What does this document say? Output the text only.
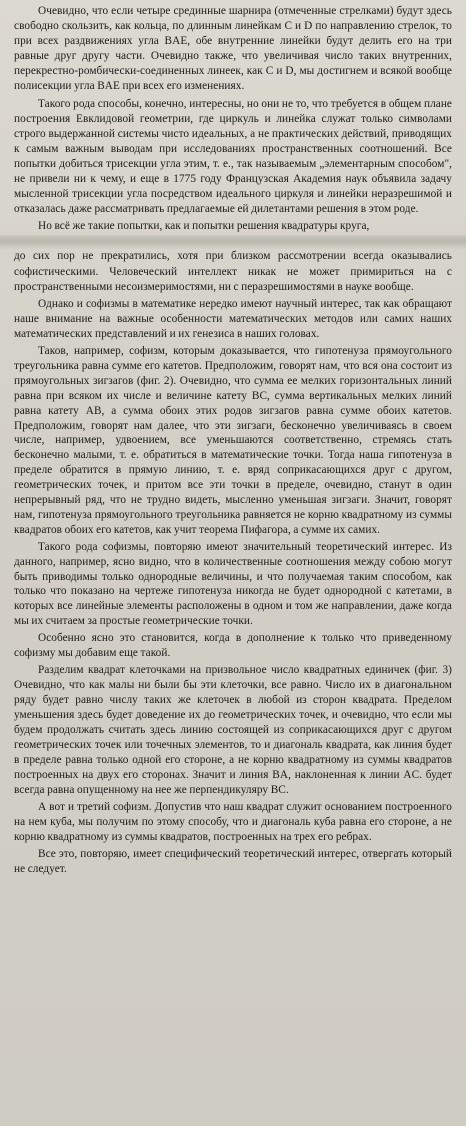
Очевидно, что если четыре срединные шарнира (отмеченные стрелками) будут здесь свободно скользить, как кольца, по длинным линейкам C и D по направлению стрелок, то при всех раздвижениях угла BAE, обе внутренние линейки будут делить его на три равные друг другу части. Очевидно также, что увеличивая число таких внутренних, перекрестно-ромбически-соединенных линеек, как C и D, мы достигнем и всякой вообще полисекции угла BAE при всех его изменениях.

Такого рода способы, конечно, интересны, но они не то, что требуется в общем плане построения Евклидовой геометрии, где циркуль и линейка служат только символами строго выдержанной системы чисто идеальных, а не практических действий, приводящих к самым важным выводам при исследованиях пространственных соотношений. Все попытки добиться трисекции угла этим, т. е., так называемым „элементарным способом", не привели ни к чему, и еще в 1775 году Французская Академия наук объявила задачу мысленной трисекции угла посредством идеального циркуля и линейки неразрешимой и отказалась даже рассматривать предлагаемые ей дилетантами решения в этом роде.

Но всё же такие попытки, как и попытки решения квадратуры круга,

до сих пор не прекратились, хотя при близком рассмотрении всегда оказывались софистическими. Человеческий интеллект никак не может примириться на с пространственными несоизмеримостями, ни с перазрешимостями в науке вообще.

Однако и софизмы в математике нередко имеют научный интерес, так как обращают наше внимание на важные особенности математических методов или самих наших математических представлений и их генезиса в наших головах.

Таков, например, софизм, которым доказывается, что гипотенуза прямоугольного треугольника равна сумме его катетов. Предположим, говорят нам, что вся она состоит из прямоугольных зигзагов (фиг. 2). Очевидно, что сумма ее мелких горизонтальных линий равна при всяком их числе и величине катету BC, сумма вертикальных мелких линий равна катету AB, а сумма обоих этих родов зигзагов равна сумме обоих катетов. Предположим, говорят нам далее, что эти зигзаги, бесконечно увеличиваясь в своем числе, например, удвоением, все уменьшаются соответственно, стремясь стать бесконечно малыми, т. е. обратиться в математические точки. Тогда наша гипотенуза в пределе обратится в прямую линию, т. е. вряд соприкасающихся друг с другом, геометрических точек, и притом все эти точки в пределе, очевидно, станут в один непрерывный ряд, что не трудно видеть, мысленно уменьшая зигзаги. Значит, говорят нам, гипотенуза прямоугольного треугольника равняется не корню квадратному из суммы квадратов обоих его катетов, как учит теорема Пифагора, а сумме их самих.

Такого рода софизмы, повторяю имеют значительный теоретический интерес. Из данного, например, ясно видно, что в количественные соотношения между собою могут быть приводимы только однородные величины, и что получаемая таким способом, как только что показано на чертеже гипотенуза никогда не будет однородной с катетами, в которых все линейные элементы расположены в одном и том же направлении, даже когда мы их считаем за простые геометрические точки.

Особенно ясно это становится, когда в дополнение к только что приведенному софизму мы добавим еще такой.

Разделим квадрат клеточками на призвольное число квадратных единичек (фиг. 3) Очевидно, что как малы ни были бы эти клеточки, все равно. Число их в диагональном ряду будет равно числу таких же клеточек в любой из сторон квадрата. Пределом уменьшения здесь будет доведение их до геометрических точек, и очевидно, что если мы будем продолжать считать здесь линию состоящей из соприкасающихся друг с другом геометрических точек или точечных элементов, то и диагональ квадрата, как линия будет в пределе равна только одной его стороне, а не корню квадратному из суммы квадратов построенных на двух его сторонах. Значит и линия BA, наклоненная к линии AC. будет всегда равна опущенному на нее же перпендикуляру BC.

А вот и третий софизм. Допустив что наш квадрат служит основанием построенного на нем куба, мы получим по этому способу, что и диагональ куба равна его стороне, а не корню квадратному из суммы квадратов, построенных на трех его ребрах.

Все это, повторяю, имеет специфический теоретический интерес, отвергать который не следует.
